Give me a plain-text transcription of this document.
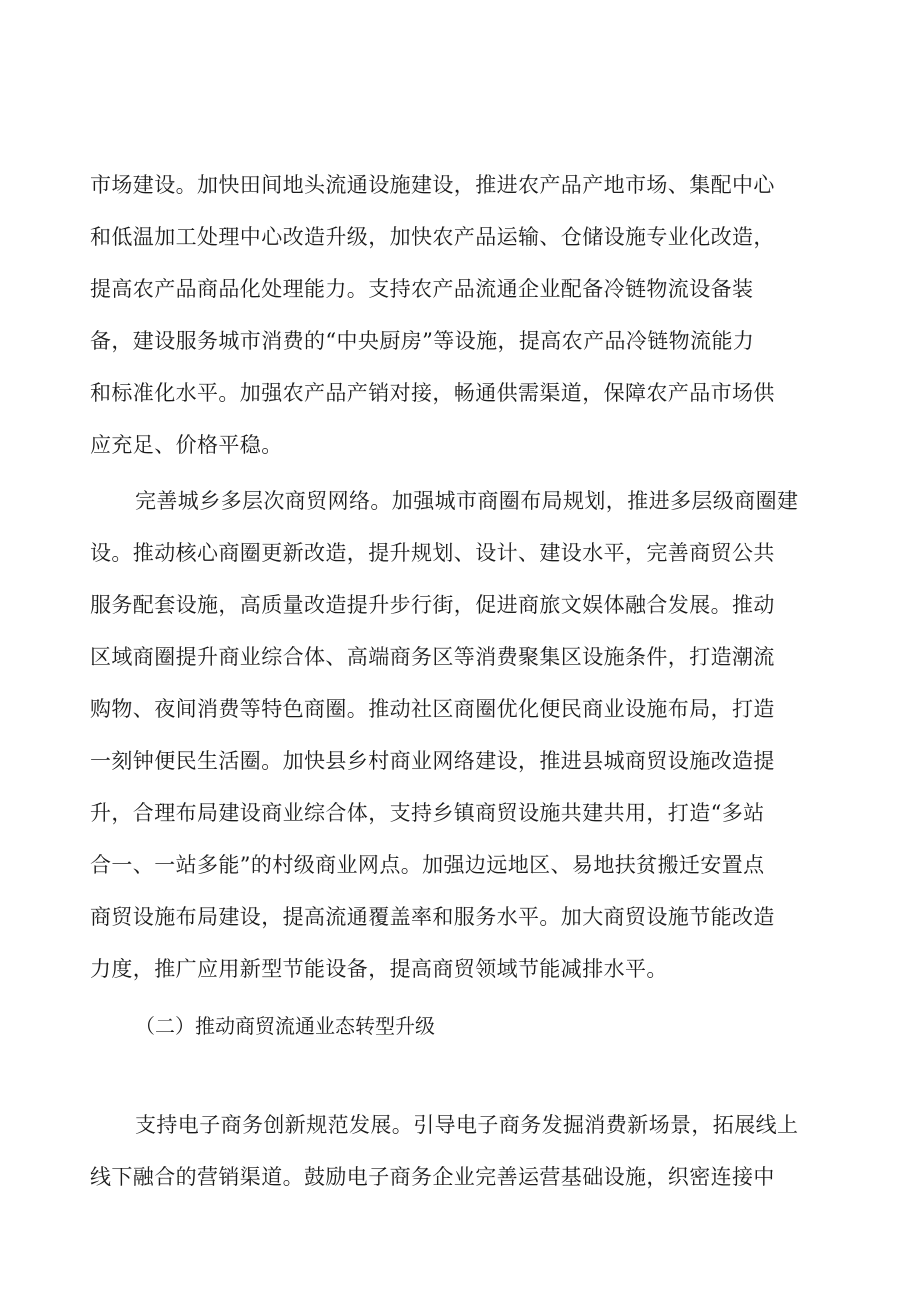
市场建设。加快田间地头流通设施建设，推进农产品产地市场、集配中心
和低温加工处理中心改造升级，加快农产品运输、仓储设施专业化改造，
提高农产品商品化处理能力。支持农产品流通企业配备冷链物流设备装
备，建设服务城市消费的“中央厨房”等设施，提高农产品冷链物流能力
和标准化水平。加强农产品产销对接，畅通供需渠道，保障农产品市场供
应充足、价格平稳。
完善城乡多层次商贸网络。加强城市商圈布局规划，推进多层级商圈建
设。推动核心商圈更新改造，提升规划、设计、建设水平，完善商贸公共
服务配套设施，高质量改造提升步行街，促进商旅文娱体融合发展。推动
区域商圈提升商业综合体、高端商务区等消费聚集区设施条件，打造潮流
购物、夜间消费等特色商圈。推动社区商圈优化便民商业设施布局，打造
一刻钟便民生活圈。加快县乡村商业网络建设，推进县城商贸设施改造提
升，合理布局建设商业综合体，支持乡镇商贸设施共建共用，打造“多站
合一、一站多能”的村级商业网点。加强边远地区、易地扶贫搬迁安置点
商贸设施布局建设，提高流通覆盖率和服务水平。加大商贸设施节能改造
力度，推广应用新型节能设备，提高商贸领域节能减排水平。
（二）推动商贸流通业态转型升级
支持电子商务创新规范发展。引导电子商务发掘消费新场景，拓展线上
线下融合的营销渠道。鼓励电子商务企业完善运营基础设施，织密连接中
